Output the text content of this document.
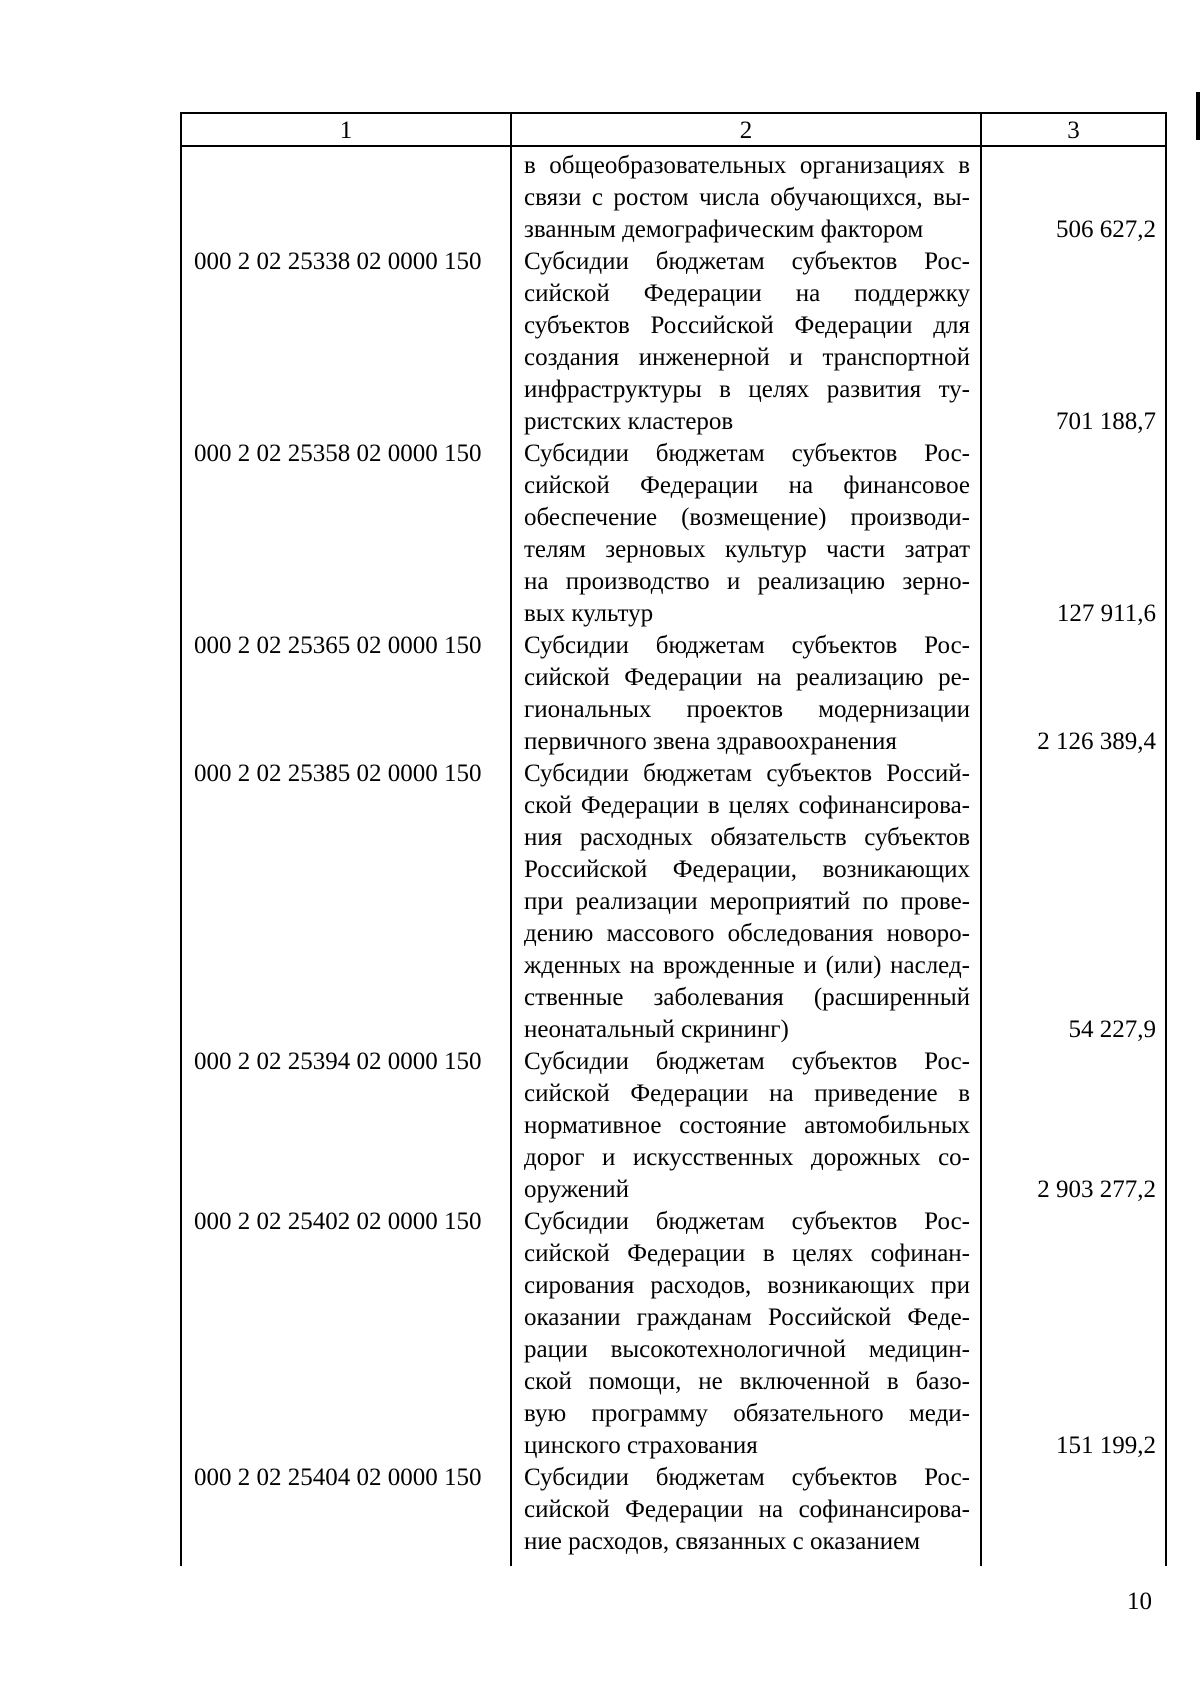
1	2	3
в общеобразовательных организациях в
связи с ростом числа обучающихся, вы-
званным демографическим фактором	506 627,2
000 2 02 25338 02 0000 150 Субсидии бюджетам субъектов Рос-
сийской Федерации на поддержку
субъектов Российской Федерации для
создания инженерной и транспортной
инфраструктуры в целях развития ту-
ристских кластеров	701 188,7
000 2 02 25358 02 0000 150 Субсидии бюджетам субъектов Рос-
сийской Федерации на финансовое
обеспечение (возмещение) производи-
телям зерновых культур части затрат
на производство и реализацию зерно-
вых культур	127 911,6
000 2 02 25365 02 0000 150 Субсидии бюджетам субъектов Рос-
сийской Федерации на реализацию ре-
гиональных проектов модернизации
первичного звена здравоохранения	2 126 389,4
000 2 02 25385 02 0000 150 Субсидии бюджетам субъектов Россий-
ской Федерации в целях софинансирова-
ния расходных обязательств субъектов
Российской Федерации, возникающих
при реализации мероприятий по прове-
дению массового обследования новоро-
жденных на врожденные и (или) наслед-
ственные заболевания (расширенный
неонатальный скрининг)	54 227,9
000 2 02 25394 02 0000 150 Субсидии бюджетам субъектов Рос-
сийской Федерации на приведение в
нормативное состояние автомобильных
дорог и искусственных дорожных со-
оружений	2 903 277,2
000 2 02 25402 02 0000 150 Субсидии бюджетам субъектов Рос-
сийской Федерации в целях софинан-
сирования расходов, возникающих при
оказании гражданам Российской Феде-
рации высокотехнологичной медицин-
ской помощи, не включенной в базо-
вую программу обязательного меди-
цинского страхования	151 199,2
000 2 02 25404 02 0000 150 Субсидии бюджетам субъектов Рос-
сийской Федерации на софинансирова-
ние расходов, связанных с оказанием
10
